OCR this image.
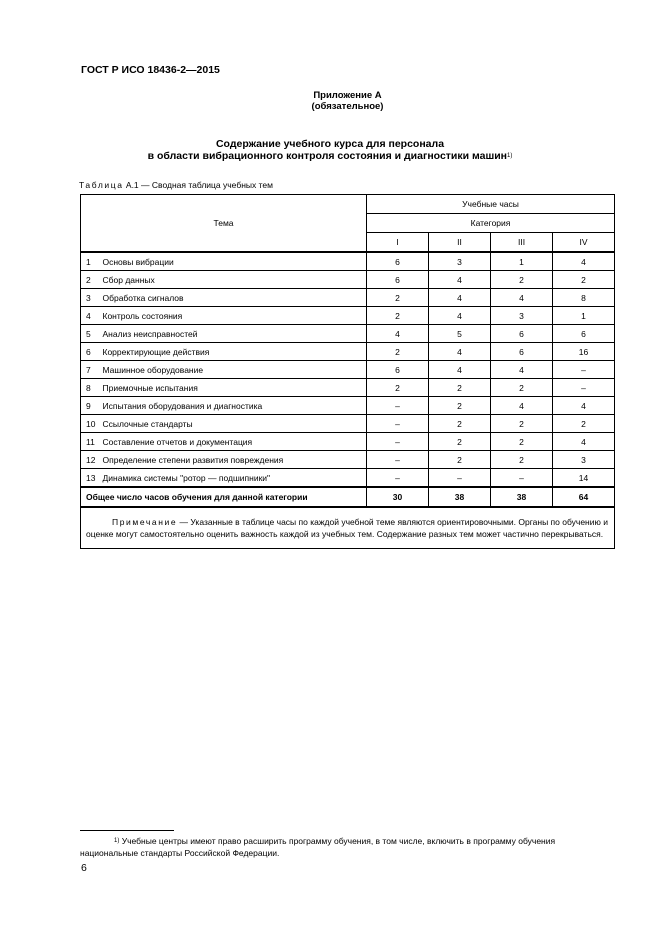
ГОСТ Р ИСО 18436-2—2015
Приложение А
(обязательное)
Содержание учебного курса для персонала
в области вибрационного контроля состояния и диагностики машин$^{1)}$
Таблица А.1 — Сводная таблица учебных тем
Тема		Учебные часы			
		Категория			
		I	II	III	IV
1	Основы вибрации	6	3	1	4
2	Сбор данных	6	4	2	2
3	Обработка сигналов	2	4	4	8
4	Контроль состояния	2	4	3	1
5	Анализ неисправностей	4	5	6	6
6	Корректирующие действия	2	4	6	16
7	Машинное оборудование	6	4	4	–
8	Приемочные испытания	2	2	2	–
9	Испытания оборудования и диагностика	–	2	4	4
10	Ссылочные стандарты	–	2	2	2
11	Составление отчетов и документация	–	2	2	4
12	Определение степени развития повреждения	–	2	2	3
13	Динамика системы "ротор — подшипники"	–	–	–	14
Общее число часов обучения для данной категории		30	38	38	64
Примечание — Указанные в таблице часы по каждой учебной теме являются ориентировочными. Органы по обучению и оценке могут самостоятельно оценить важность каждой из учебных тем. Содержание разных тем может частично перекрываться.					
$^{1)}$ Учебные центры имеют право расширить программу обучения, в том числе, включить в программу обучения национальные стандарты Российской Федерации.
6
